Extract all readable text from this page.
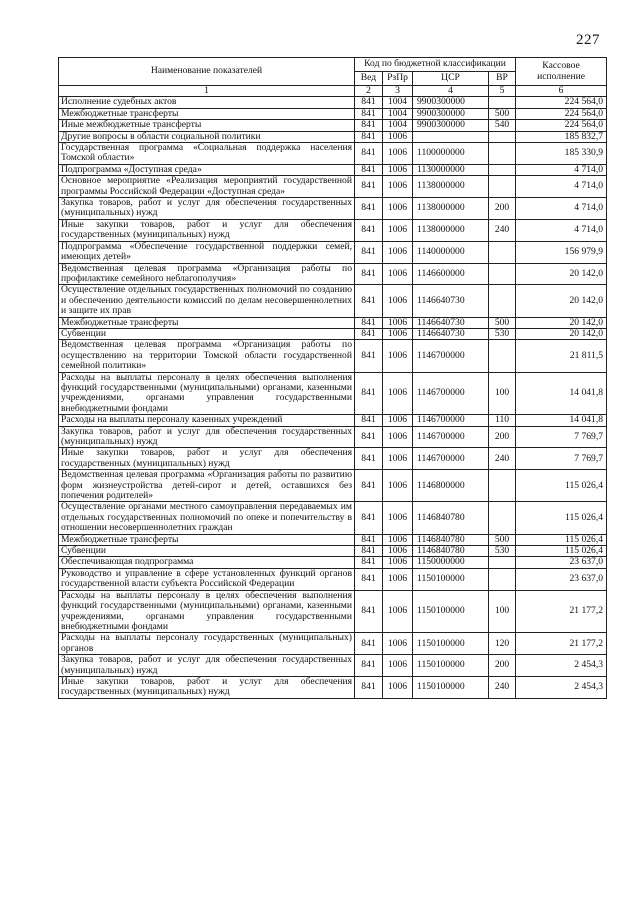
227
Наименование показателей	Код по бюджетной классификации				Кассовое исполнение
	Вед	РзПр	ЦСР	ВР	
1	2	3	4	5	6
Исполнение судебных актов	841	1004	9900300000		224 564,0
Межбюджетные трансферты	841	1004	9900300000	500	224 564,0
Иные межбюджетные трансферты	841	1004	9900300000	540	224 564,0
Другие вопросы в области социальной политики	841	1006			185 832,7
Государственная программа «Социальная поддержка населения Томской области»	841	1006	1100000000		185 330,9
Подпрограмма «Доступная среда»	841	1006	1130000000		4 714,0
Основное мероприятие «Реализация мероприятий государственной программы Российской Федерации «Доступная среда»	841	1006	1138000000		4 714,0
Закупка товаров, работ и услуг для обеспечения государственных (муниципальных) нужд	841	1006	1138000000	200	4 714,0
Иные закупки товаров, работ и услуг для обеспечения государственных (муниципальных) нужд	841	1006	1138000000	240	4 714,0
Подпрограмма «Обеспечение государственной поддержки семей, имеющих детей»	841	1006	1140000000		156 979,9
Ведомственная целевая программа «Организация работы по профилактике семейного неблагополучия»	841	1006	1146600000		20 142,0
Осуществление отдельных государственных полномочий по созданию и обеспечению деятельности комиссий по делам несовершеннолетних и защите их прав	841	1006	1146640730		20 142,0
Межбюджетные трансферты	841	1006	1146640730	500	20 142,0
Субвенции	841	1006	1146640730	530	20 142,0
Ведомственная целевая программа «Организация работы по осуществлению на территории Томской области государственной семейной политики»	841	1006	1146700000		21 811,5
Расходы на выплаты персоналу в целях обеспечения выполнения функций государственными (муниципальными) органами, казенными учреждениями, органами управления государственными внебюджетными фондами	841	1006	1146700000	100	14 041,8
Расходы на выплаты персоналу казенных учреждений	841	1006	1146700000	110	14 041,8
Закупка товаров, работ и услуг для обеспечения государственных (муниципальных) нужд	841	1006	1146700000	200	7 769,7
Иные закупки товаров, работ и услуг для обеспечения государственных (муниципальных) нужд	841	1006	1146700000	240	7 769,7
Ведомственная целевая программа «Организация работы по развитию форм жизнеустройства детей-сирот и детей, оставшихся без попечения родителей»	841	1006	1146800000		115 026,4
Осуществление органами местного самоуправления передаваемых им отдельных государственных полномочий по опеке и попечительству в отношении несовершеннолетних граждан	841	1006	1146840780		115 026,4
Межбюджетные трансферты	841	1006	1146840780	500	115 026,4
Субвенции	841	1006	1146840780	530	115 026,4
Обеспечивающая подпрограмма	841	1006	1150000000		23 637,0
Руководство и управление в сфере установленных функций органов государственной власти субъекта Российской Федерации	841	1006	1150100000		23 637,0
Расходы на выплаты персоналу в целях обеспечения выполнения функций государственными (муниципальными) органами, казенными учреждениями, органами управления государственными внебюджетными фондами	841	1006	1150100000	100	21 177,2
Расходы на выплаты персоналу государственных (муниципальных) органов	841	1006	1150100000	120	21 177,2
Закупка товаров, работ и услуг для обеспечения государственных (муниципальных) нужд	841	1006	1150100000	200	2 454,3
Иные закупки товаров, работ и услуг для обеспечения государственных (муниципальных) нужд	841	1006	1150100000	240	2 454,3
